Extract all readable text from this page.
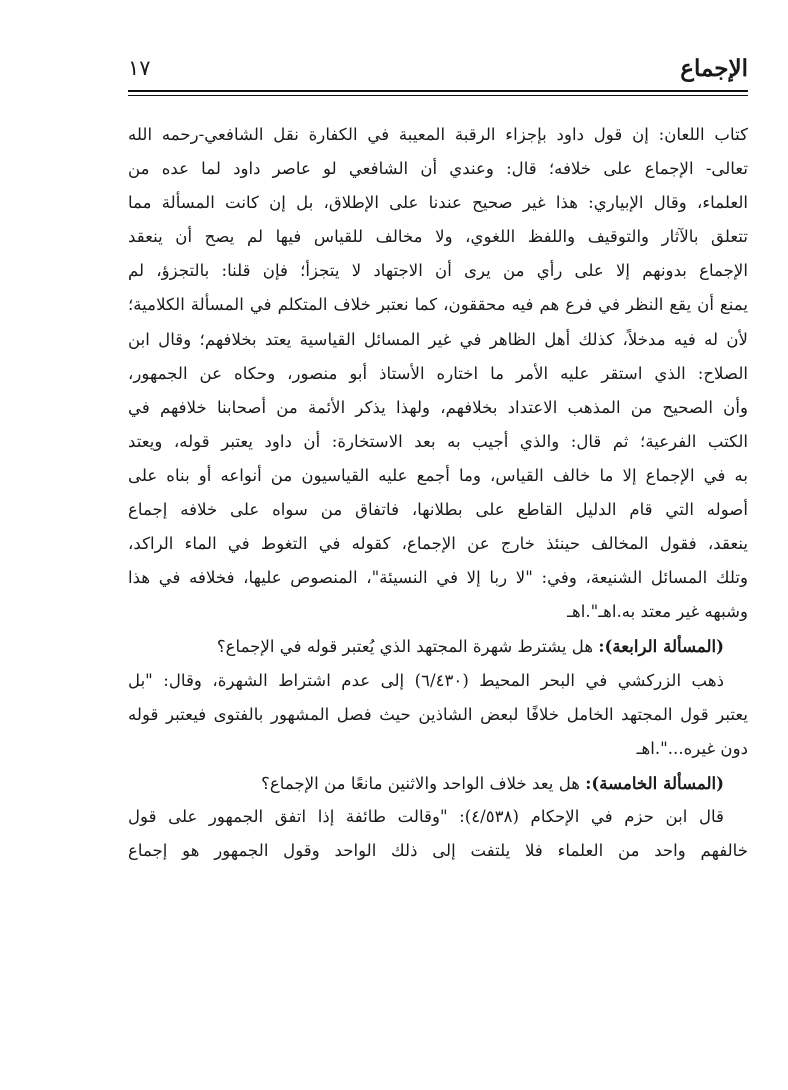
الإجماع
١٧
كتاب اللعان: إن قول داود بإجزاء الرقبة المعيبة في الكفارة نقل الشافعي-رحمه الله
تعالى- الإجماع على خلافه؛ قال: وعندي أن الشافعي لو عاصر داود لما عده من
العلماء، وقال الإبياري: هذا غير صحيح عندنا على الإطلاق، بل إن كانت المسألة مما
تتعلق بالآثار والتوقيف واللفظ اللغوي، ولا مخالف للقياس فيها لم يصح أن ينعقد
الإجماع بدونهم إلا على رأي من يرى أن الاجتهاد لا يتجزأ؛ فإن قلنا: بالتجزؤ، لم
يمنع أن يقع النظر في فرع هم فيه محققون، كما نعتبر خلاف المتكلم في المسألة الكلامية؛
لأن له فيه مدخلاً، كذلك أهل الظاهر في غير المسائل القياسية يعتد بخلافهم؛ وقال ابن
الصلاح: الذي استقر عليه الأمر ما اختاره الأستاذ أبو منصور، وحكاه عن الجمهور،
وأن الصحيح من المذهب الاعتداد بخلافهم، ولهذا يذكر الأئمة من أصحابنا خلافهم في
الكتب الفرعية؛ ثم قال: والذي أجيب به بعد الاستخارة: أن داود يعتبر قوله، ويعتد
به في الإجماع إلا ما خالف القياس، وما أجمع عليه القياسيون من أنواعه أو بناه على
أصوله التي قام الدليل القاطع على بطلانها، فاتفاق من سواه على خلافه إجماع
ينعقد، فقول المخالف حينئذ خارج عن الإجماع، كقوله في التغوط في الماء الراكد،
وتلك المسائل الشنيعة، وفي: "لا ربا إلا في النسيئة"، المنصوص عليها، فخلافه في هذا
وشبهه غير معتد به.اهـ".اهـ
(المسألة الرابعة): هل يشترط شهرة المجتهد الذي يُعتبر قوله في الإجماع؟
ذهب الزركشي في البحر المحيط (٦/٤٣٠) إلى عدم اشتراط الشهرة، وقال: "بل
يعتبر قول المجتهد الخامل خلافًا لبعض الشاذين حيث فصل المشهور بالفتوى فيعتبر قوله
دون غيره...".اهـ
(المسألة الخامسة): هل يعد خلاف الواحد والاثنين مانعًا من الإجماع؟
قال ابن حزم في الإحكام (٤/٥٣٨): "وقالت طائفة إذا اتفق الجمهور على قول
خالفهم واحد من العلماء فلا يلتفت إلى ذلك الواحد وقول الجمهور هو إجماع
